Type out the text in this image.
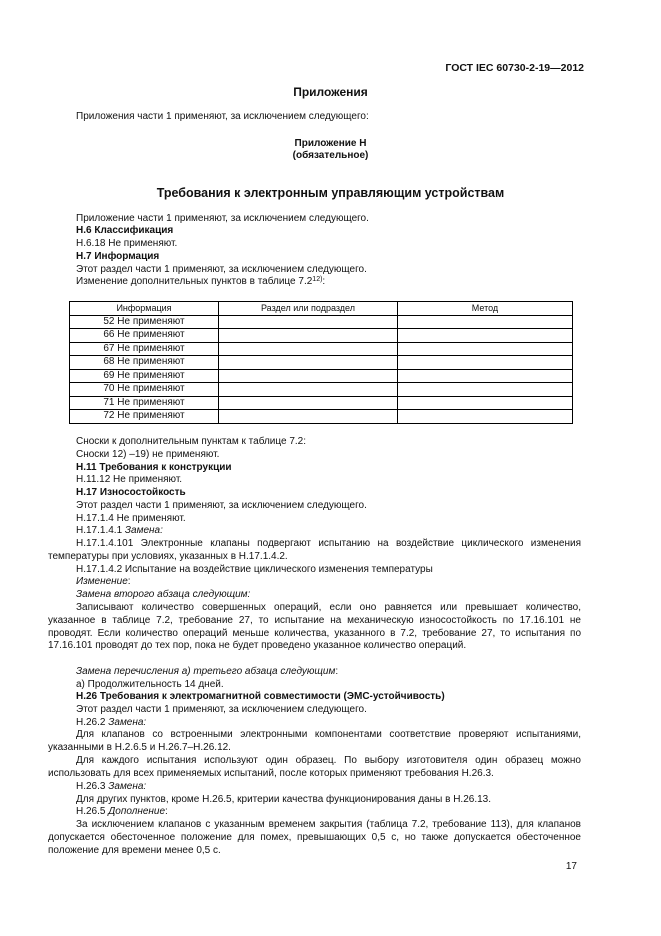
ГОСТ IEC 60730-2-19—2012
Приложения
Приложения части 1 применяют, за исключением следующего:
Приложение Н
(обязательное)
Требования к электронным управляющим устройствам
Приложение части 1 применяют, за исключением следующего.
Н.6 Классификация
Н.6.18 Не применяют.
Н.7 Информация
Этот раздел части 1 применяют, за исключением следующего.
Изменение дополнительных пунктов в таблице 7.2$^{12)}$:
Информация	Раздел или подраздел	Метод
52 Не применяют		
66 Не применяют		
67 Не применяют		
68 Не применяют		
69 Не применяют		
70 Не применяют		
71 Не применяют		
72 Не применяют		
Сноски к дополнительным пунктам к таблице 7.2:
Сноски 12) –19) не применяют.
Н.11 Требования к конструкции
Н.11.12 Не применяют.
Н.17 Износостойкость
Этот раздел части 1 применяют, за исключением следующего.
Н.17.1.4 Не применяют.
Н.17.1.4.1 Замена:
Н.17.1.4.101 Электронные клапаны подвергают испытанию на воздействие циклического изменения температуры при условиях, указанных в Н.17.1.4.2.
Н.17.1.4.2 Испытание на воздействие циклического изменения температуры
Изменение:
Замена второго абзаца следующим:
Записывают количество совершенных операций, если оно равняется или превышает количество, указанное в таблице 7.2, требование 27, то испытание на механическую износостойкость по 17.16.101 не проводят. Если количество операций меньше количества, указанного в 7.2, требование 27, то испытания по 17.16.101 проводят до тех пор, пока не будет проведено указанное количество операций.
Замена перечисления а) третьего абзаца следующим:
а) Продолжительность 14 дней.
Н.26 Требования к электромагнитной совместимости (ЭМС-устойчивость)
Этот раздел части 1 применяют, за исключением следующего.
Н.26.2 Замена:
Для клапанов со встроенными электронными компонентами соответствие проверяют испытаниями, указанными в Н.2.6.5 и Н.26.7–Н.26.12.
Для каждого испытания используют один образец. По выбору изготовителя один образец можно использовать для всех применяемых испытаний, после которых применяют требования Н.26.3.
Н.26.3 Замена:
Для других пунктов, кроме Н.26.5, критерии качества функционирования даны в Н.26.13.
Н.26.5 Дополнение:
За исключением клапанов с указанным временем закрытия (таблица 7.2, требование 113), для клапанов допускается обесточенное положение для помех, превышающих 0,5 с, но также допускается обесточенное положение для времени менее 0,5 с.
17
